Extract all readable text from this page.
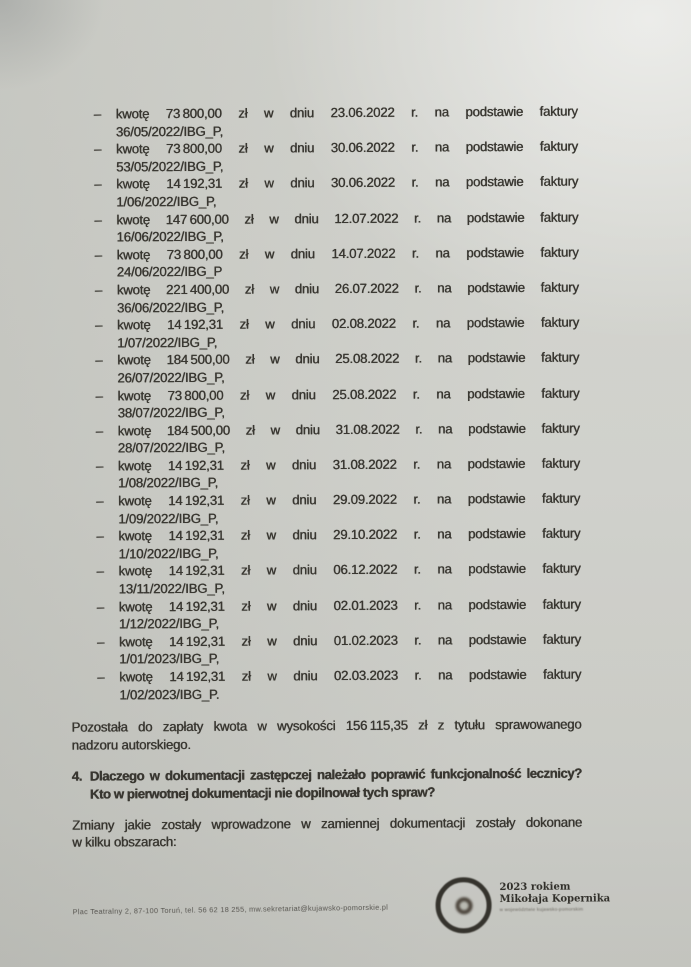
– kwotę 73 800,00 zł w dniu 23.06.2022 r. na podstawie faktury
36/05/2022/IBG_P,
– kwotę 73 800,00 zł w dniu 30.06.2022 r. na podstawie faktury
53/05/2022/IBG_P,
– kwotę 14 192,31 zł w dniu 30.06.2022 r. na podstawie faktury
1/06/2022/IBG_P,
– kwotę 147 600,00 zł w dniu 12.07.2022 r. na podstawie faktury
16/06/2022/IBG_P,
– kwotę 73 800,00 zł w dniu 14.07.2022 r. na podstawie faktury
24/06/2022/IBG_P
– kwotę 221 400,00 zł w dniu 26.07.2022 r. na podstawie faktury
36/06/2022/IBG_P,
– kwotę 14 192,31 zł w dniu 02.08.2022 r. na podstawie faktury
1/07/2022/IBG_P,
– kwotę 184 500,00 zł w dniu 25.08.2022 r. na podstawie faktury
26/07/2022/IBG_P,
– kwotę 73 800,00 zł w dniu 25.08.2022 r. na podstawie faktury
38/07/2022/IBG_P,
– kwotę 184 500,00 zł w dniu 31.08.2022 r. na podstawie faktury
28/07/2022/IBG_P,
– kwotę 14 192,31 zł w dniu 31.08.2022 r. na podstawie faktury
1/08/2022/IBG_P,
– kwotę 14 192,31 zł w dniu 29.09.2022 r. na podstawie faktury
1/09/2022/IBG_P,
– kwotę 14 192,31 zł w dniu 29.10.2022 r. na podstawie faktury
1/10/2022/IBG_P,
– kwotę 14 192,31 zł w dniu 06.12.2022 r. na podstawie faktury
13/11/2022/IBG_P,
– kwotę 14 192,31 zł w dniu 02.01.2023 r. na podstawie faktury
1/12/2022/IBG_P,
– kwotę 14 192,31 zł w dniu 01.02.2023 r. na podstawie faktury
1/01/2023/IBG_P,
– kwotę 14 192,31 zł w dniu 02.03.2023 r. na podstawie faktury
1/02/2023/IBG_P.

Pozostała do zapłaty kwota w wysokości 156 115,35 zł z tytułu sprawowanego
nadzoru autorskiego.

4. Dlaczego w dokumentacji zastępczej należało poprawić funkcjonalność lecznicy?
Kto w pierwotnej dokumentacji nie dopilnował tych spraw?

Zmiany jakie zostały wprowadzone w zamiennej dokumentacji zostały dokonane
w kilku obszarach:

Plac Teatralny 2, 87-100 Toruń, tel. 56 62 18 255, mw.sekretariat@kujawsko-pomorskie.pl
2023 rokiem
Mikołaja Kopernika
w województwie kujawsko-pomorskim
